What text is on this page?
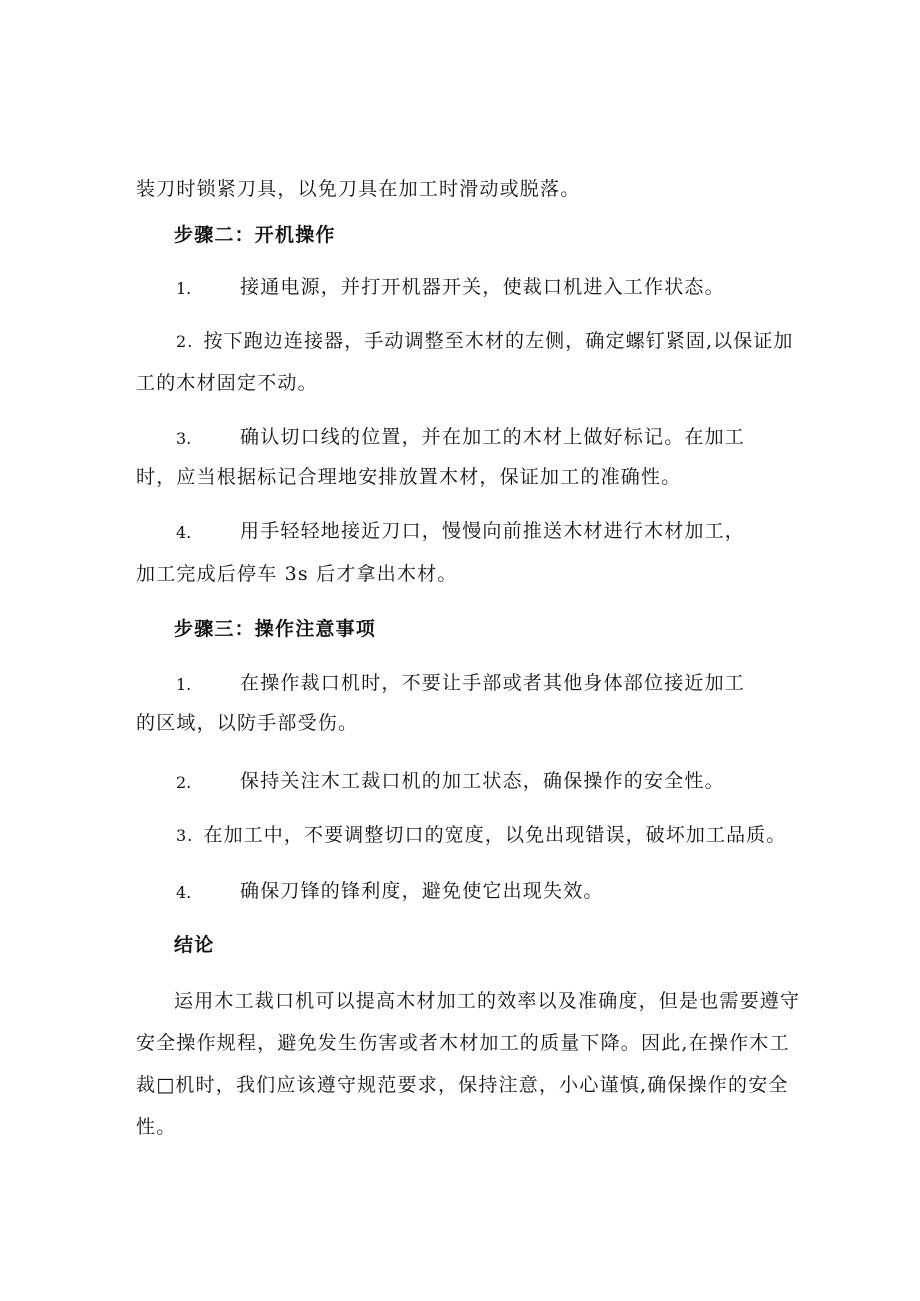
装刀时锁紧刀具，以免刀具在加工时滑动或脱落。
步骤二：开机操作
1.	接通电源，并打开机器开关，使裁口机进入工作状态。
2. 按下跑边连接器，手动调整至木材的左侧，确定螺钉紧固,以保证加
工的木材固定不动。
3.	确认切口线的位置，并在加工的木材上做好标记。在加工
时，应当根据标记合理地安排放置木材，保证加工的准确性。
4.	用手轻轻地接近刀口，慢慢向前推送木材进行木材加工，
加工完成后停车 3s 后才拿出木材。
步骤三：操作注意事项
1.	在操作裁口机时，不要让手部或者其他身体部位接近加工
的区域，以防手部受伤。
2.	保持关注木工裁口机的加工状态，确保操作的安全性。
3. 在加工中，不要调整切口的宽度，以免出现错误，破坏加工品质。
4.	确保刀锋的锋利度，避免使它出现失效。
结论
运用木工裁口机可以提高木材加工的效率以及准确度，但是也需要遵守
安全操作规程，避免发生伤害或者木材加工的质量下降。因此,在操作木工
裁□机时，我们应该遵守规范要求，保持注意，小心谨慎,确保操作的安全
性。
